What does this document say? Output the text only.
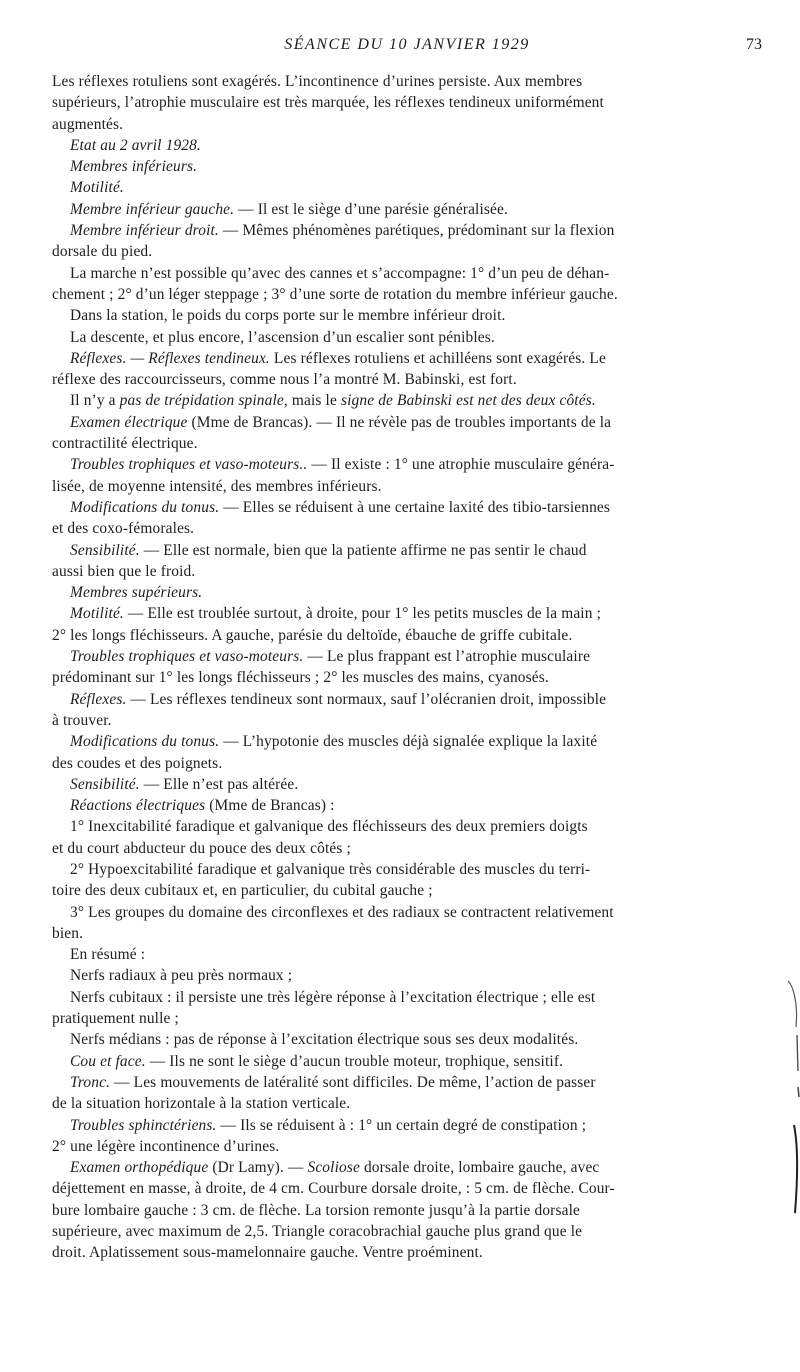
SÉANCE DU 10 JANVIER 1929	73
Les réflexes rotuliens sont exagérés. L’incontinence d’urines persiste. Aux membres
supérieurs, l’atrophie musculaire est très marquée, les réflexes tendineux uniformément
augmentés.
Etat au 2 avril 1928.
Membres inférieurs.
Motilité.
Membre inférieur gauche. — Il est le siège d’une parésie généralisée.
Membre inférieur droit. — Mêmes phénomènes parétiques, prédominant sur la flexion
dorsale du pied.
La marche n’est possible qu’avec des cannes et s’accompagne: 1° d’un peu de déhan-
chement ; 2° d’un léger steppage ; 3° d’une sorte de rotation du membre inférieur gauche.
Dans la station, le poids du corps porte sur le membre inférieur droit.
La descente, et plus encore, l’ascension d’un escalier sont pénibles.
Réflexes. — Réflexes tendineux. Les réflexes rotuliens et achilléens sont exagérés. Le
réflexe des raccourcisseurs, comme nous l’a montré M. Babinski, est fort.
Il n’y a pas de trépidation spinale, mais le signe de Babinski est net des deux côtés.
Examen électrique (Mme de Brancas). — Il ne révèle pas de troubles importants de la
contractilité électrique.
Troubles trophiques et vaso-moteurs.. — Il existe : 1° une atrophie musculaire généra-
lisée, de moyenne intensité, des membres inférieurs.
Modifications du tonus. — Elles se réduisent à une certaine laxité des tibio-tarsiennes
et des coxo-fémorales.
Sensibilité. — Elle est normale, bien que la patiente affirme ne pas sentir le chaud
aussi bien que le froid.
Membres supérieurs.
Motilité. — Elle est troublée surtout, à droite, pour 1° les petits muscles de la main ;
2° les longs fléchisseurs. A gauche, parésie du deltoïde, ébauche de griffe cubitale.
Troubles trophiques et vaso-moteurs. — Le plus frappant est l’atrophie musculaire
prédominant sur 1° les longs fléchisseurs ; 2° les muscles des mains, cyanosés.
Réflexes. — Les réflexes tendineux sont normaux, sauf l’olécranien droit, impossible
à trouver.
Modifications du tonus. — L’hypotonie des muscles déjà signalée explique la laxité
des coudes et des poignets.
Sensibilité. — Elle n’est pas altérée.
Réactions électriques (Mme de Brancas) :
1° Inexcitabilité faradique et galvanique des fléchisseurs des deux premiers doigts
et du court abducteur du pouce des deux côtés ;
2° Hypoexcitabilité faradique et galvanique très considérable des muscles du terri-
toire des deux cubitaux et, en particulier, du cubital gauche ;
3° Les groupes du domaine des circonflexes et des radiaux se contractent relativement
bien.
En résumé :
Nerfs radiaux à peu près normaux ;
Nerfs cubitaux : il persiste une très légère réponse à l’excitation électrique ; elle est
pratiquement nulle ;
Nerfs médians : pas de réponse à l’excitation électrique sous ses deux modalités.
Cou et face. — Ils ne sont le siège d’aucun trouble moteur, trophique, sensitif.
Tronc. — Les mouvements de latéralité sont difficiles. De même, l’action de passer
de la situation horizontale à la station verticale.
Troubles sphinctériens. — Ils se réduisent à : 1° un certain degré de constipation ;
2° une légère incontinence d’urines.
Examen orthopédique (Dr Lamy). — Scoliose dorsale droite, lombaire gauche, avec
déjettement en masse, à droite, de 4 cm. Courbure dorsale droite, : 5 cm. de flèche. Cour-
bure lombaire gauche : 3 cm. de flèche. La torsion remonte jusqu’à la partie dorsale
supérieure, avec maximum de 2,5. Triangle coracobrachial gauche plus grand que le
droit. Aplatissement sous-mamelonnaire gauche. Ventre proéminent.
